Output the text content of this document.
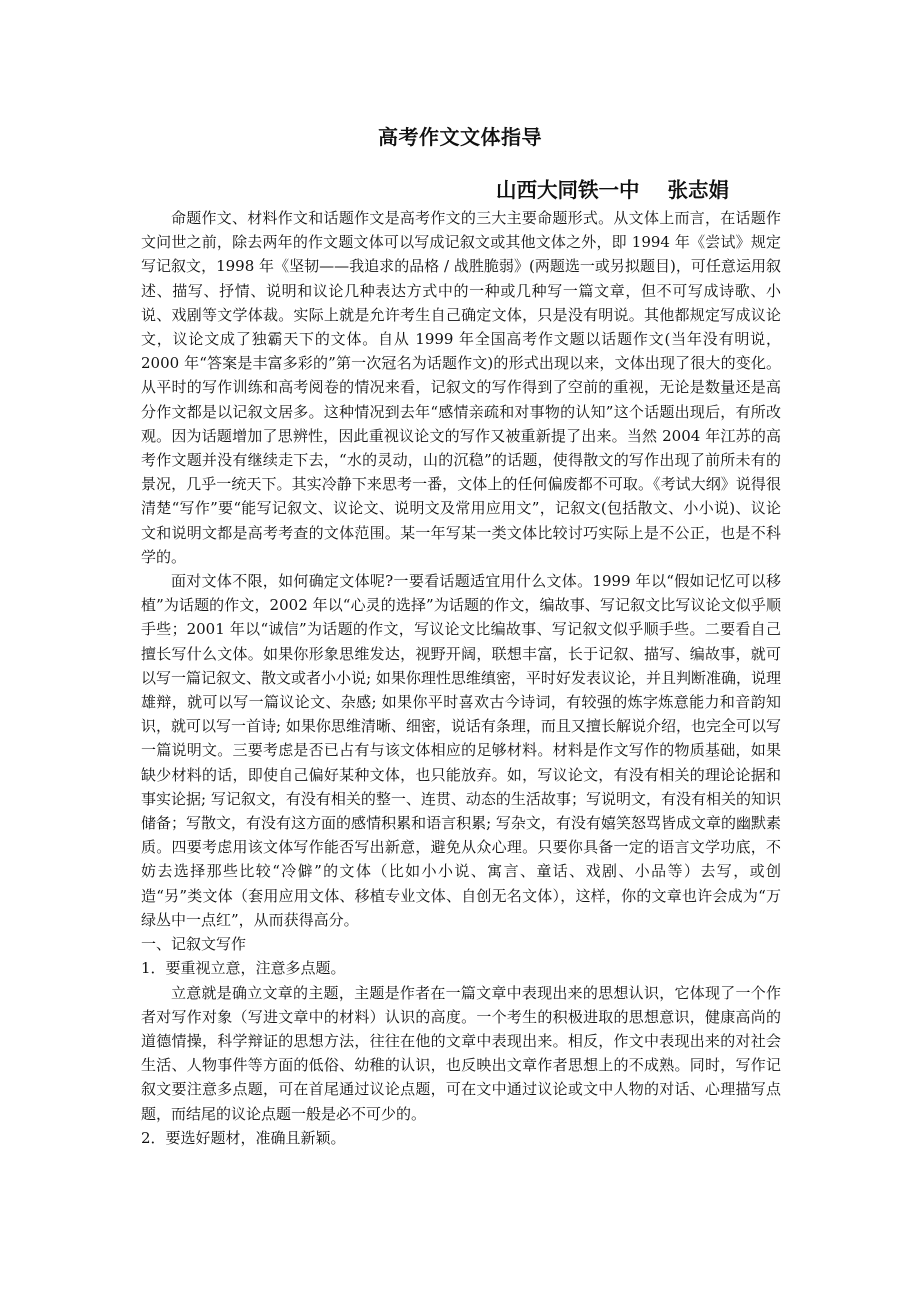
高考作文文体指导
山西大同铁一中 张志娟

命题作文、材料作文和话题作文是高考作文的三大主要命题形式。从文体上而言，在话题作文问世之前，除去两年的作文题文体可以写成记叙文或其他文体之外，即 1994 年《尝试》规定写记叙文，1998 年《坚韧——我追求的品格 / 战胜脆弱》(两题选一或另拟题目)，可任意运用叙述、描写、抒情、说明和议论几种表达方式中的一种或几种写一篇文章，但不可写成诗歌、小说、戏剧等文学体裁。实际上就是允许考生自己确定文体，只是没有明说。其他都规定写成议论文，议论文成了独霸天下的文体。自从 1999 年全国高考作文题以话题作文(当年没有明说，2000 年“答案是丰富多彩的”第一次冠名为话题作文)的形式出现以来，文体出现了很大的变化。从平时的写作训练和高考阅卷的情况来看，记叙文的写作得到了空前的重视，无论是数量还是高分作文都是以记叙文居多。这种情况到去年“感情亲疏和对事物的认知”这个话题出现后，有所改观。因为话题增加了思辨性，因此重视议论文的写作又被重新提了出来。当然 2004 年江苏的高考作文题并没有继续走下去，“水的灵动，山的沉稳”的话题，使得散文的写作出现了前所未有的景况，几乎一统天下。其实冷静下来思考一番，文体上的任何偏废都不可取。《考试大纲》说得很清楚“写作”要“能写记叙文、议论文、说明文及常用应用文”，记叙文(包括散文、小小说)、议论文和说明文都是高考考查的文体范围。某一年写某一类文体比较讨巧实际上是不公正，也是不科学的。

面对文体不限，如何确定文体呢?一要看话题适宜用什么文体。1999 年以“假如记忆可以移植”为话题的作文，2002 年以“心灵的选择”为话题的作文，编故事、写记叙文比写议论文似乎顺手些；2001 年以“诚信”为话题的作文，写议论文比编故事、写记叙文似乎顺手些。二要看自己擅长写什么文体。如果你形象思维发达，视野开阔，联想丰富，长于记叙、描写、编故事，就可以写一篇记叙文、散文或者小小说; 如果你理性思维缜密，平时好发表议论，并且判断准确，说理雄辩，就可以写一篇议论文、杂感; 如果你平时喜欢古今诗词，有较强的炼字炼意能力和音韵知识，就可以写一首诗; 如果你思维清晰、细密，说话有条理，而且又擅长解说介绍，也完全可以写一篇说明文。三要考虑是否已占有与该文体相应的足够材料。材料是作文写作的物质基础，如果缺少材料的话，即使自己偏好某种文体，也只能放弃。如，写议论文，有没有相关的理论论据和事实论据; 写记叙文，有没有相关的整一、连贯、动态的生活故事；写说明文，有没有相关的知识储备；写散文，有没有这方面的感情积累和语言积累; 写杂文，有没有嬉笑怒骂皆成文章的幽默素质。四要考虑用该文体写作能否写出新意，避免从众心理。只要你具备一定的语言文学功底，不妨去选择那些比较“冷僻”的文体（比如小小说、寓言、童话、戏剧、小品等）去写，或创造“另”类文体（套用应用文体、移植专业文体、自创无名文体），这样，你的文章也许会成为“万绿丛中一点红”，从而获得高分。

一、记叙文写作

1．要重视立意，注意多点题。

立意就是确立文章的主题，主题是作者在一篇文章中表现出来的思想认识，它体现了一个作者对写作对象（写进文章中的材料）认识的高度。一个考生的积极进取的思想意识，健康高尚的道德情操，科学辩证的思想方法，往往在他的文章中表现出来。相反，作文中表现出来的对社会生活、人物事件等方面的低俗、幼稚的认识，也反映出文章作者思想上的不成熟。同时，写作记叙文要注意多点题，可在首尾通过议论点题，可在文中通过议论或文中人物的对话、心理描写点题，而结尾的议论点题一般是必不可少的。

2．要选好题材，准确且新颖。
